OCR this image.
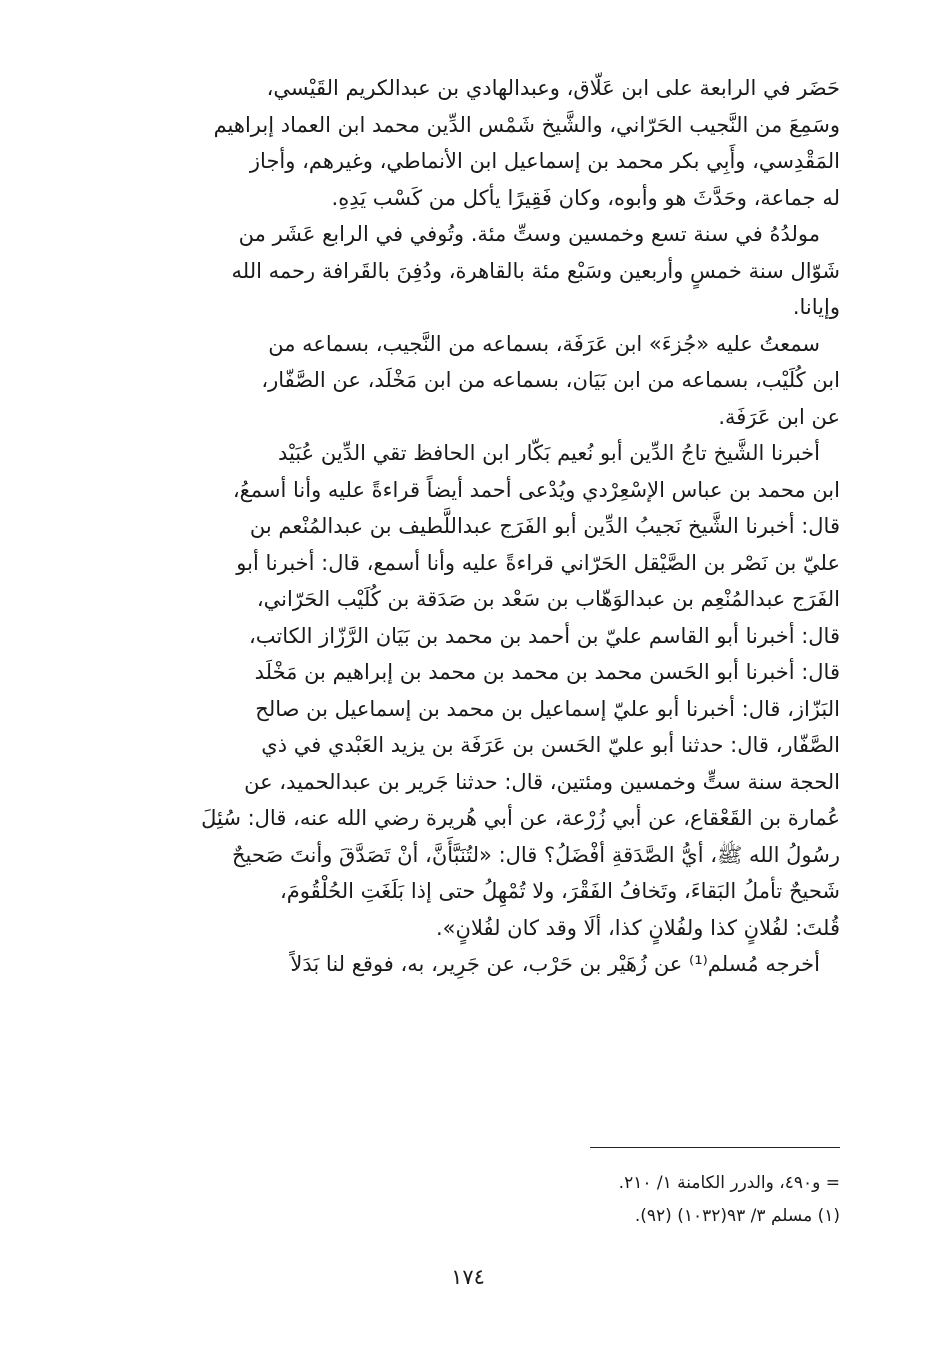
حَضَر في الرابعة على ابن عَلّاق، وعبدالهادي بن عبدالكريم القَيْسي،

وسَمِعَ من النَّجيب الحَرّاني، والشَّيخ شَمْس الدِّين محمد ابن العماد إبراهيم

المَقْدِسي، وأَبِي بكر محمد بن إسماعيل ابن الأنماطي، وغيرهم، وأجاز

له جماعة، وحَدَّثَ هو وأبوه، وكان فَقِيرًا يأكل من كَسْب يَدِهِ.

مولدُهُ في سنة تسع وخمسين وستِّ مئة. وتُوفي في الرابع عَشَر من

شَوّال سنة خمسٍ وأربعين وسَبْع مئة بالقاهرة، ودُفِنَ بالقَرافة رحمه الله

وإيانا.

سمعتُ عليه «جُزءَ» ابن عَرَفَة، بسماعه من النَّجيب، بسماعه من

ابن كُلَيْب، بسماعه من ابن بَيَان، بسماعه من ابن مَخْلَد، عن الصَّفّار،

عن ابن عَرَفَة.

أخبرنا الشَّيخ تاجُ الدِّين أبو نُعيم بَكّار ابن الحافظ تقي الدِّين عُبَيْد

ابن محمد بن عباس الإسْعِرْدي ويُدْعى أحمد أيضاً قراءةً عليه وأنا أسمعُ،

قال: أخبرنا الشَّيخ نَجيبُ الدِّين أبو الفَرَج عبداللَّطيف بن عبدالمُنْعم بن

عليّ بن نَصْر بن الصَّيْقل الحَرّاني قراءةً عليه وأنا أسمع، قال: أخبرنا أبو

الفَرَج عبدالمُنْعِم بن عبدالوَهّاب بن سَعْد بن صَدَقة بن كُلَيْب الحَرّاني،

قال: أخبرنا أبو القاسم عليّ بن أحمد بن محمد بن بَيَان الرَّزّاز الكاتب،

قال: أخبرنا أبو الحَسن محمد بن محمد بن محمد بن إبراهيم بن مَخْلَد

البَزّاز، قال: أخبرنا أبو عليّ إسماعيل بن محمد بن إسماعيل بن صالح

الصَّفّار، قال: حدثنا أبو عليّ الحَسن بن عَرَفَة بن يزيد العَبْدي في ذي

الحجة سنة ستٍّ وخمسين ومئتين، قال: حدثنا جَرير بن عبدالحميد، عن

عُمارة بن القَعْقاع، عن أبي زُرْعة، عن أبي هُريرة رضي الله عنه، قال: سُئِلَ

رسُولُ الله ﷺ، أيُّ الصَّدَقةِ أفْضَلُ؟ قال: «لتُنَبَّأَنَّ، أنْ تَصَدَّقَ وأنتَ صَحيحٌ

شَحيحٌ تأملُ البَقاءَ، وتَخافُ الفَقْرَ، ولا تُمْهِلُ حتى إذا بَلَغَتِ الحُلْقُومَ،

قُلتَ: لفُلانٍ كذا ولفُلانٍ كذا، ألَا وقد كان لفُلانٍ».

أخرجه مُسلم⁽¹⁾ عن زُهَيْر بن حَرْب، عن جَرِير، به، فوقع لنا بَدَلاً

= و٤٩٠، والدرر الكامنة ١/ ٢١٠.
(١) مسلم ٣/ ٩٣(١٠٣٢) (٩٢).
١٧٤
